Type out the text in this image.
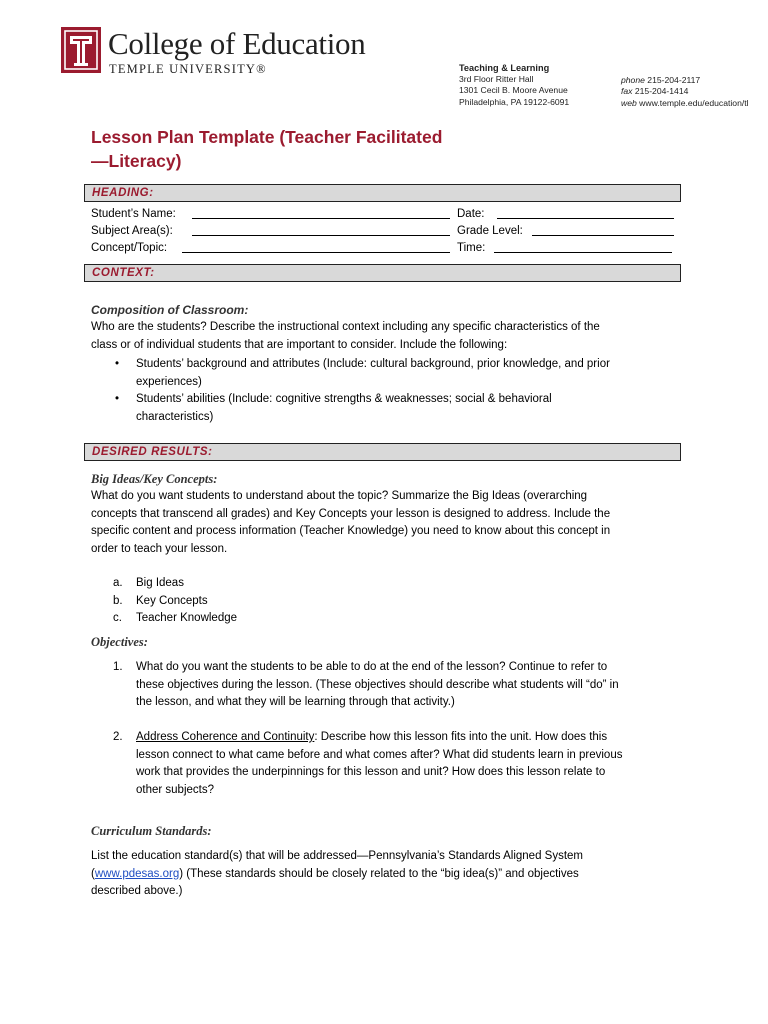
College of Education
TEMPLE UNIVERSITY®	Teaching & Learning
3rd Floor Ritter Hall
1301 Cecil B. Moore Avenue
Philadelphia, PA 19122-6091
phone 215-204-2117
fax 215-204-1414
web www.temple.edu/education/tl
Lesson Plan Template (Teacher Facilitated
—Literacy)
HEADING:
Student’s Name:	Date:
Subject Area(s):	Grade Level:
Concept/Topic:	Time:
CONTEXT:
Composition of Classroom:
Who are the students? Describe the instructional context including any specific characteristics of the
class or of individual students that are important to consider. Include the following:
• Students’ background and attributes (Include: cultural background, prior knowledge, and prior
experiences)
• Students’ abilities (Include: cognitive strengths & weaknesses; social & behavioral
characteristics)
DESIRED RESULTS:
Big Ideas/Key Concepts:
What do you want students to understand about the topic? Summarize the Big Ideas (overarching
concepts that transcend all grades) and Key Concepts your lesson is designed to address. Include the
specific content and process information (Teacher Knowledge) you need to know about this concept in
order to teach your lesson.
a. Big Ideas
b. Key Concepts
c. Teacher Knowledge
Objectives:
1. What do you want the students to be able to do at the end of the lesson? Continue to refer to
these objectives during the lesson. (These objectives should describe what students will “do” in
the lesson, and what they will be learning through that activity.)
2. Address Coherence and Continuity: Describe how this lesson fits into the unit. How does this
lesson connect to what came before and what comes after? What did students learn in previous
work that provides the underpinnings for this lesson and unit? How does this lesson relate to
other subjects?
Curriculum Standards:
List the education standard(s) that will be addressed—Pennsylvania’s Standards Aligned System
(www.pdesas.org) (These standards should be closely related to the “big idea(s)” and objectives
described above.)
